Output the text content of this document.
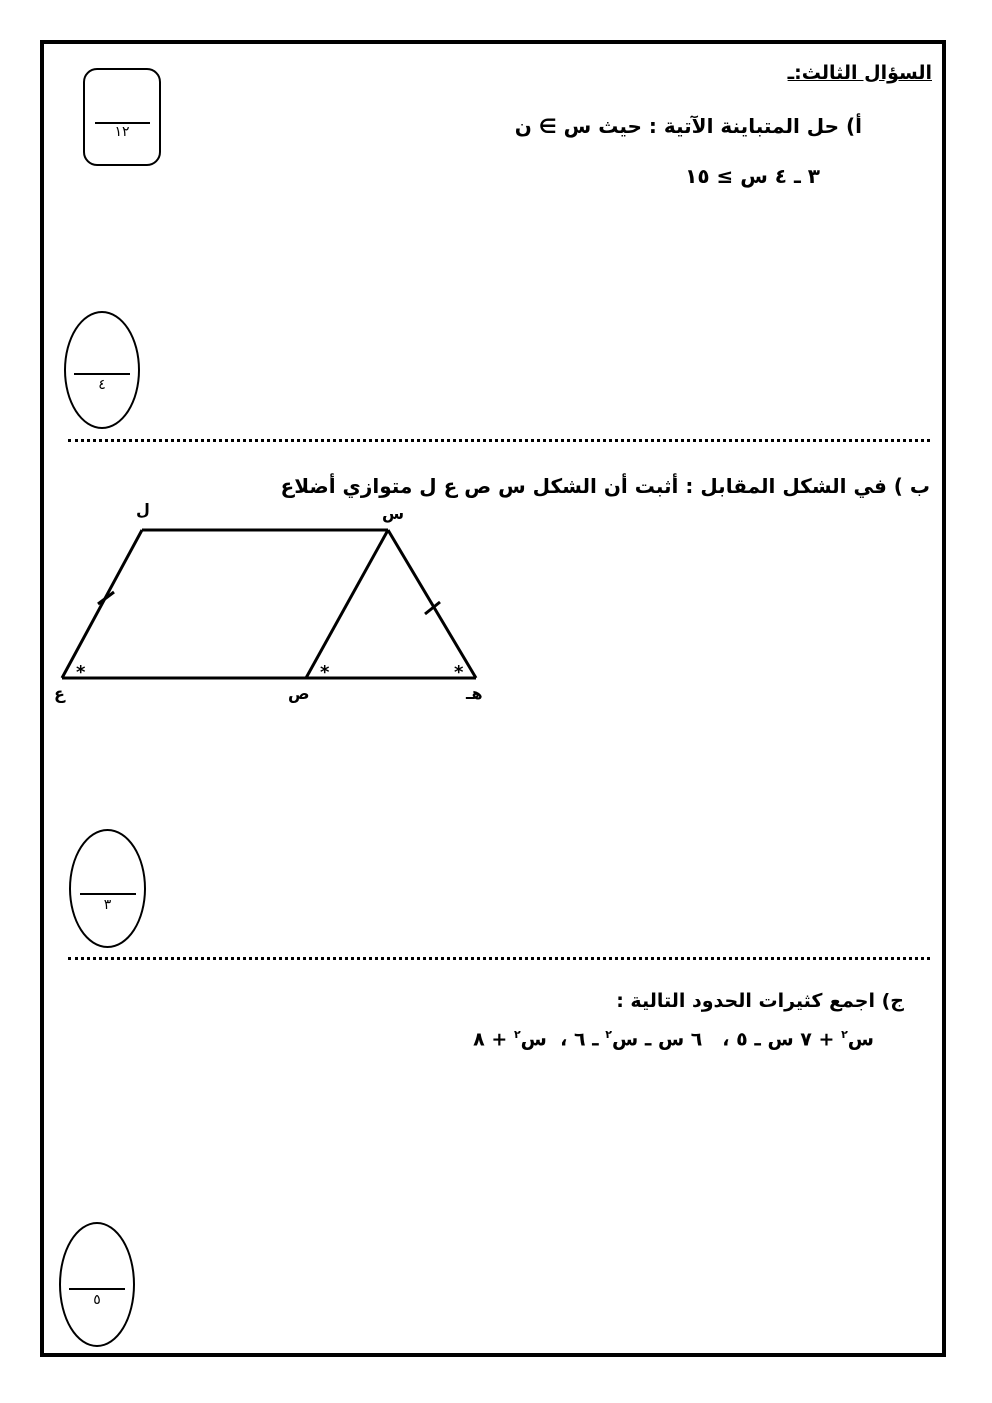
السؤال الثالث:ـ
١٢	أ) حل المتباينة الآتية : حيث س ∋ ن
٣ ـ ٤ س ≥ ١٥
٤
ب ) في الشكل المقابل : أثبت أن الشكل س ص ع ل متوازي أضلاع
ل	س
ع	ص	هـ
*	*	*
٣
ج) اجمع كثيرات الحدود التالية :
س$^٢$ + ٧ س ـ ٥ ،   ٦ س ـ س$^٢$ ـ ٦ ،  س$^٢$ + ٨
٥
